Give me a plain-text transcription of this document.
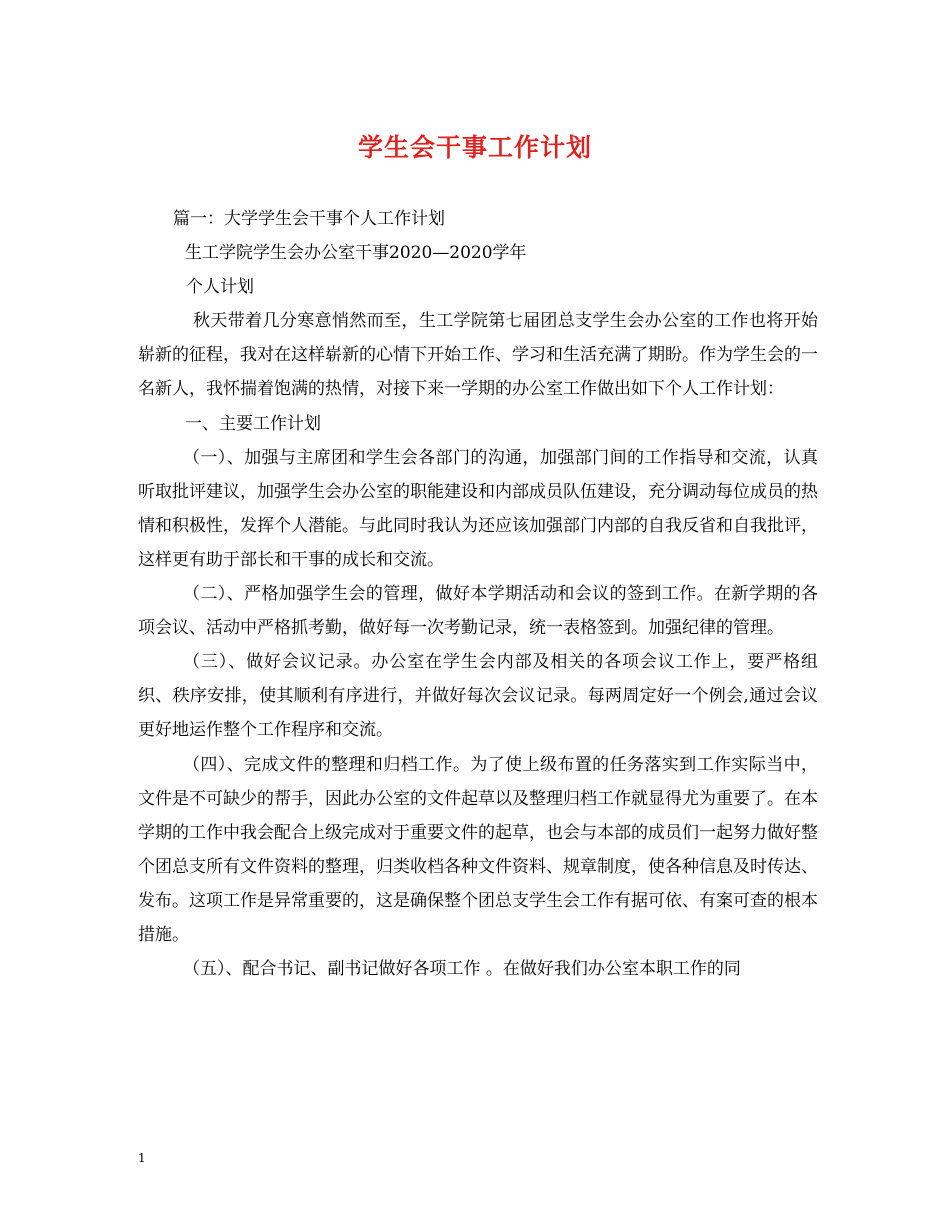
学生会干事工作计划

篇一：大学学生会干事个人工作计划

生工学院学生会办公室干事2020—2020学年

个人计划

秋天带着几分寒意悄然而至，生工学院第七届团总支学生会办公室的工作也将开始崭新的征程，我对在这样崭新的心情下开始工作、学习和生活充满了期盼。作为学生会的一名新人，我怀揣着饱满的热情，对接下来一学期的办公室工作做出如下个人工作计划：

一、主要工作计划

（一）、加强与主席团和学生会各部门的沟通，加强部门间的工作指导和交流，认真听取批评建议，加强学生会办公室的职能建设和内部成员队伍建设，充分调动每位成员的热情和积极性，发挥个人潜能。与此同时我认为还应该加强部门内部的自我反省和自我批评，这样更有助于部长和干事的成长和交流。

（二）、严格加强学生会的管理，做好本学期活动和会议的签到工作。在新学期的各项会议、活动中严格抓考勤，做好每一次考勤记录，统一表格签到。加强纪律的管理。

（三）、做好会议记录。办公室在学生会内部及相关的各项会议工作上，要严格组织、秩序安排，使其顺利有序进行，并做好每次会议记录。每两周定好一个例会,通过会议更好地运作整个工作程序和交流。

（四）、完成文件的整理和归档工作。为了使上级布置的任务落实到工作实际当中，文件是不可缺少的帮手，因此办公室的文件起草以及整理归档工作就显得尤为重要了。在本学期的工作中我会配合上级完成对于重要文件的起草，也会与本部的成员们一起努力做好整个团总支所有文件资料的整理，归类收档各种文件资料、规章制度，使各种信息及时传达、发布。这项工作是异常重要的，这是确保整个团总支学生会工作有据可依、有案可查的根本措施。

（五）、配合书记、副书记做好各项工作 。在做好我们办公室本职工作的同

1
